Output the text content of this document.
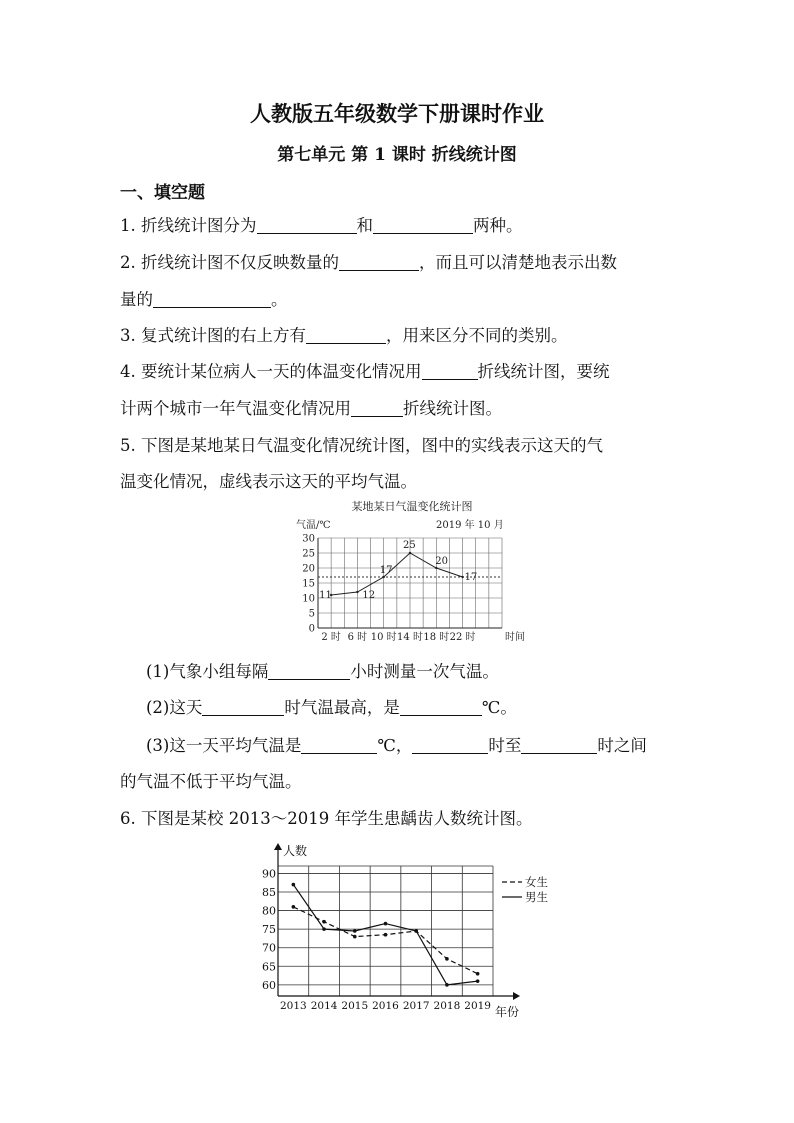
人教版五年级数学下册课时作业
第七单元 第 1 课时 折线统计图
一、填空题
1. 折线统计图分为	和	两种。
2. 折线统计图不仅反映数量的	，而且可以清楚地表示出数
量的	。
3. 复式统计图的右上方有	，用来区分不同的类别。
4. 要统计某位病人一天的体温变化情况用	折线统计图，要统
计两个城市一年气温变化情况用	折线统计图。
5. 下图是某地某日气温变化情况统计图，图中的实线表示这天的气
温变化情况，虚线表示这天的平均气温。
某地某日气温变化统计图
气温/℃	2019 年 10 月
0
5
10
15
20
25
30
2 时 6 时 10 时 14 时 18 时 22 时	时间
11	12
17
25
20
17
(1)气象小组每隔	小时测量一次气温。
(2)这天	时气温最高，是	℃。
(3)这一天平均气温是	℃，	时至	时之间
的气温不低于平均气温。
6. 下图是某校 2013～2019 年学生患龋齿人数统计图。
60
65
70
75
80
85
90
人数
年份
2013 2014 2015 2016 2017 2018 2019
女生
男生
